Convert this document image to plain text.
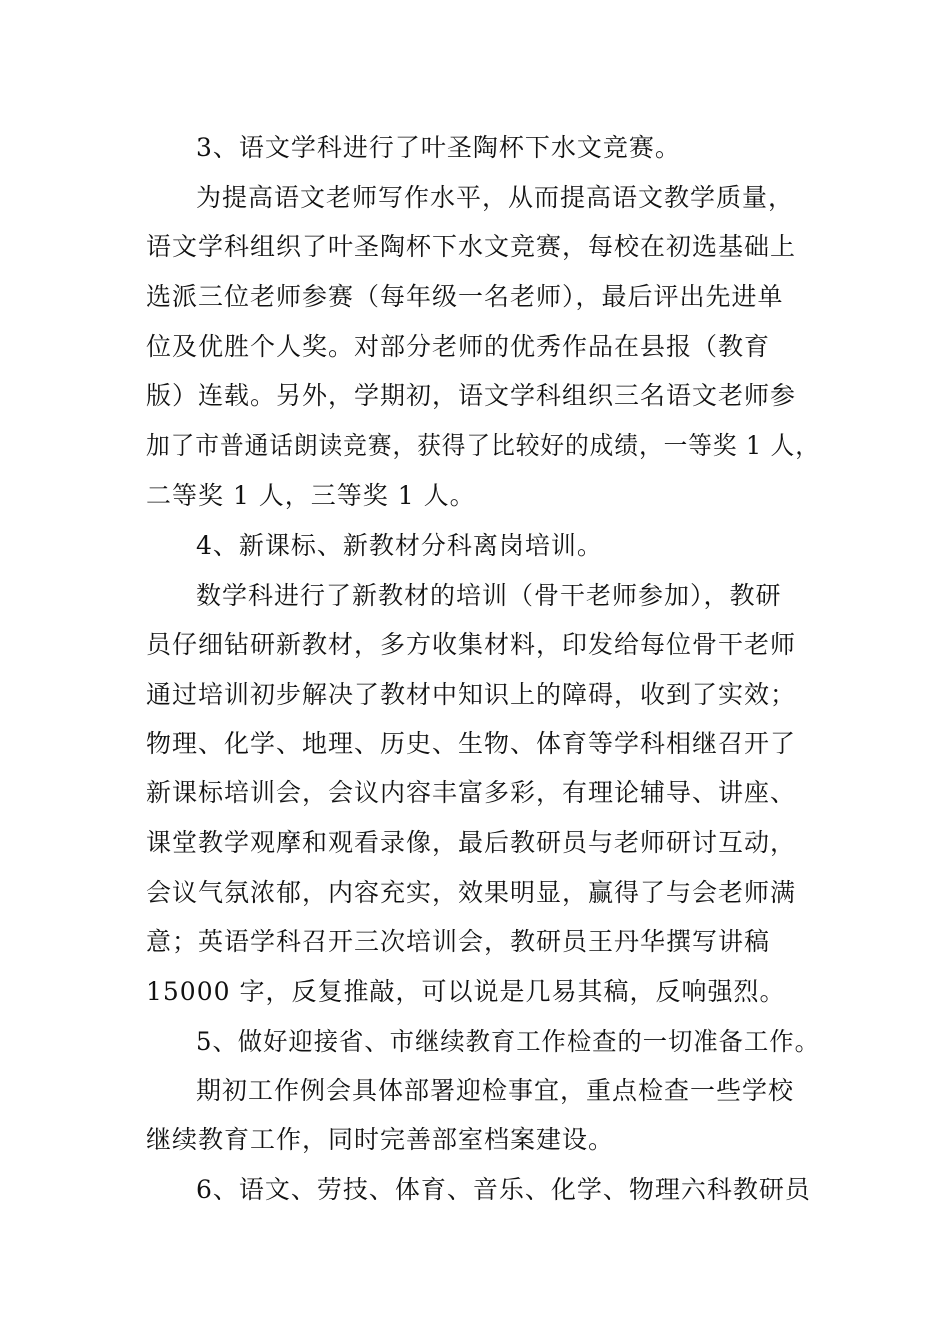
3、语文学科进行了叶圣陶杯下水文竞赛。
为提高语文老师写作水平，从而提高语文教学质量，
语文学科组织了叶圣陶杯下水文竞赛，每校在初选基础上
选派三位老师参赛（每年级一名老师），最后评出先进单
位及优胜个人奖。对部分老师的优秀作品在县报（教育
版）连载。另外，学期初，语文学科组织三名语文老师参
加了市普通话朗读竞赛，获得了比较好的成绩，一等奖 1 人，
二等奖 1 人，三等奖 1 人。
4、新课标、新教材分科离岗培训。
数学科进行了新教材的培训（骨干老师参加），教研
员仔细钻研新教材，多方收集材料，印发给每位骨干老师
通过培训初步解决了教材中知识上的障碍，收到了实效；
物理、化学、地理、历史、生物、体育等学科相继召开了
新课标培训会，会议内容丰富多彩，有理论辅导、讲座、
课堂教学观摩和观看录像，最后教研员与老师研讨互动，
会议气氛浓郁，内容充实，效果明显，赢得了与会老师满
意；英语学科召开三次培训会，教研员王丹华撰写讲稿
15000 字，反复推敲，可以说是几易其稿，反响强烈。
5、做好迎接省、市继续教育工作检查的一切准备工作。
期初工作例会具体部署迎检事宜，重点检查一些学校
继续教育工作，同时完善部室档案建设。
6、语文、劳技、体育、音乐、化学、物理六科教研员
